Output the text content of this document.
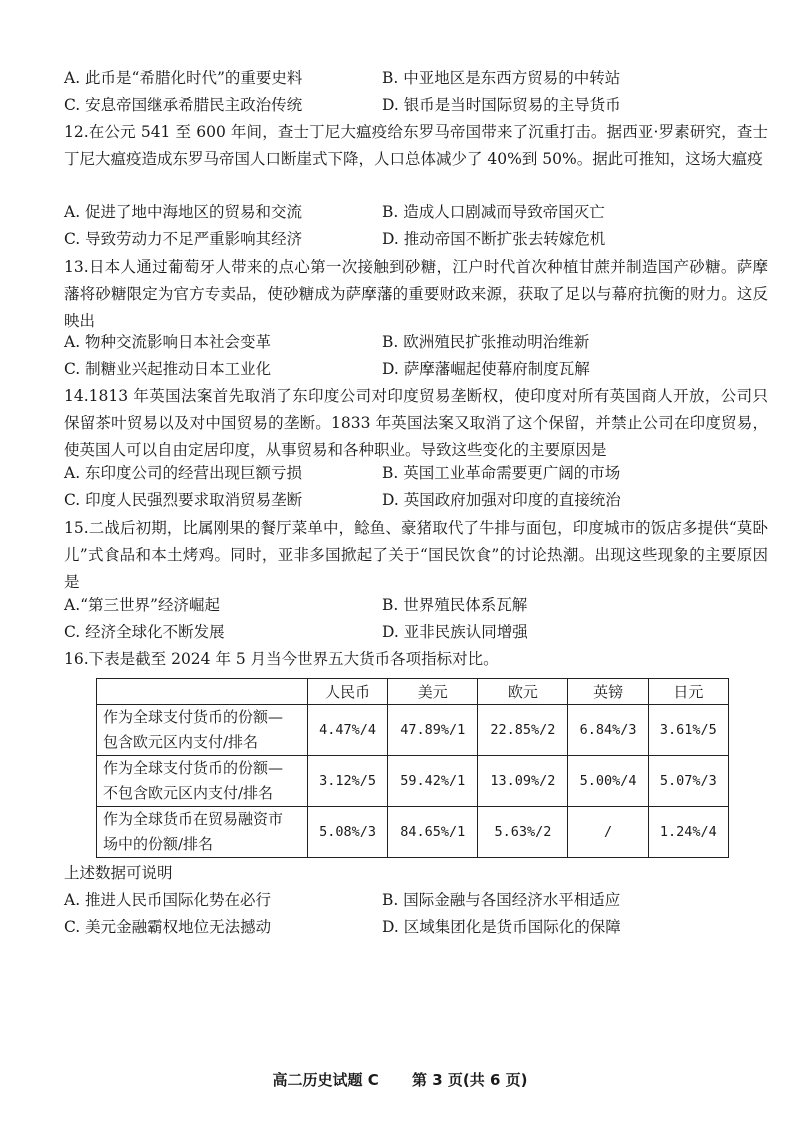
A. 此币是“希腊化时代”的重要史料	B. 中亚地区是东西方贸易的中转站
C. 安息帝国继承希腊民主政治传统	D. 银币是当时国际贸易的主导货币
12.在公元 541 至 600 年间，查士丁尼大瘟疫给东罗马帝国带来了沉重打击。据西亚·罗素研究，查士丁尼大瘟疫造成东罗马帝国人口断崖式下降，人口总体减少了 40%到 50%。据此可推知，这场大瘟疫
A. 促进了地中海地区的贸易和交流	B. 造成人口剧减而导致帝国灭亡
C. 导致劳动力不足严重影响其经济	D. 推动帝国不断扩张去转嫁危机
13.日本人通过葡萄牙人带来的点心第一次接触到砂糖，江户时代首次种植甘蔗并制造国产砂糖。萨摩藩将砂糖限定为官方专卖品，使砂糖成为萨摩藩的重要财政来源，获取了足以与幕府抗衡的财力。这反映出
A. 物种交流影响日本社会变革	B. 欧洲殖民扩张推动明治维新
C. 制糖业兴起推动日本工业化	D. 萨摩藩崛起使幕府制度瓦解
14.1813 年英国法案首先取消了东印度公司对印度贸易垄断权，使印度对所有英国商人开放，公司只保留茶叶贸易以及对中国贸易的垄断。1833 年英国法案又取消了这个保留，并禁止公司在印度贸易，使英国人可以自由定居印度，从事贸易和各种职业。导致这些变化的主要原因是
A. 东印度公司的经营出现巨额亏损	B. 英国工业革命需要更广阔的市场
C. 印度人民强烈要求取消贸易垄断	D. 英国政府加强对印度的直接统治
15.二战后初期，比属刚果的餐厅菜单中，鲶鱼、豪猪取代了牛排与面包，印度城市的饭店多提供“莫卧儿”式食品和本土烤鸡。同时，亚非多国掀起了关于“国民饮食”的讨论热潮。出现这些现象的主要原因是
A.“第三世界”经济崛起	B. 世界殖民体系瓦解
C. 经济全球化不断发展	D. 亚非民族认同增强
16.下表是截至 2024 年 5 月当今世界五大货币各项指标对比。
	人民币	美元	欧元	英镑	日元

作为全球支付货币的份额—
包含欧元区内支付/排名	4.47%/4	47.89%/1	22.85%/2	6.84%/3	3.61%/5

作为全球支付货币的份额—
不包含欧元区内支付/排名	3.12%/5	59.42%/1	13.09%/2	5.00%/4	5.07%/3

作为全球货币在贸易融资市
场中的份额/排名	5.08%/3	84.65%/1	5.63%/2	/	1.24%/4
上述数据可说明
A. 推进人民币国际化势在必行	B. 国际金融与各国经济水平相适应
C. 美元金融霸权地位无法撼动	D. 区域集团化是货币国际化的保障
高二历史试题 C 第 3 页(共 6 页)
